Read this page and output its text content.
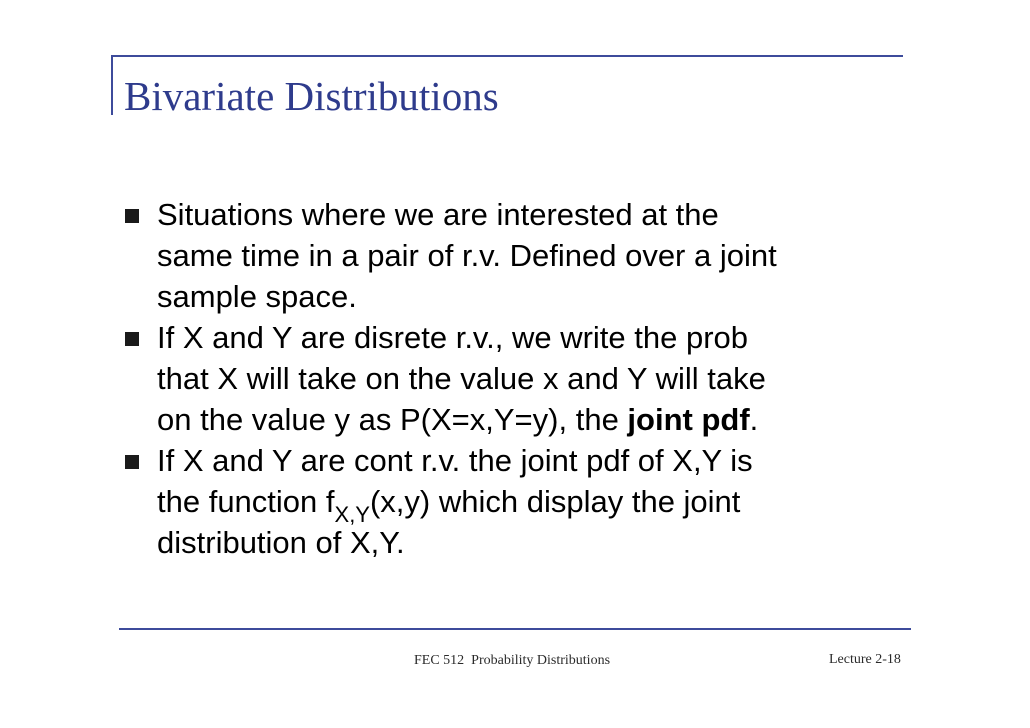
Bivariate Distributions
Situations where we are interested at the
same time in a pair of r.v. Defined over a joint
sample space.
If X and Y are disrete r.v., we write the prob
that X will take on the value x and Y will take
on the value y as P(X=x,Y=y), the joint pdf.
If X and Y are cont r.v. the joint pdf of X,Y is
the function $f_{X,Y}(x,y)$ which display the joint
distribution of X,Y.
FEC 512  Probability Distributions	Lecture 2-18
